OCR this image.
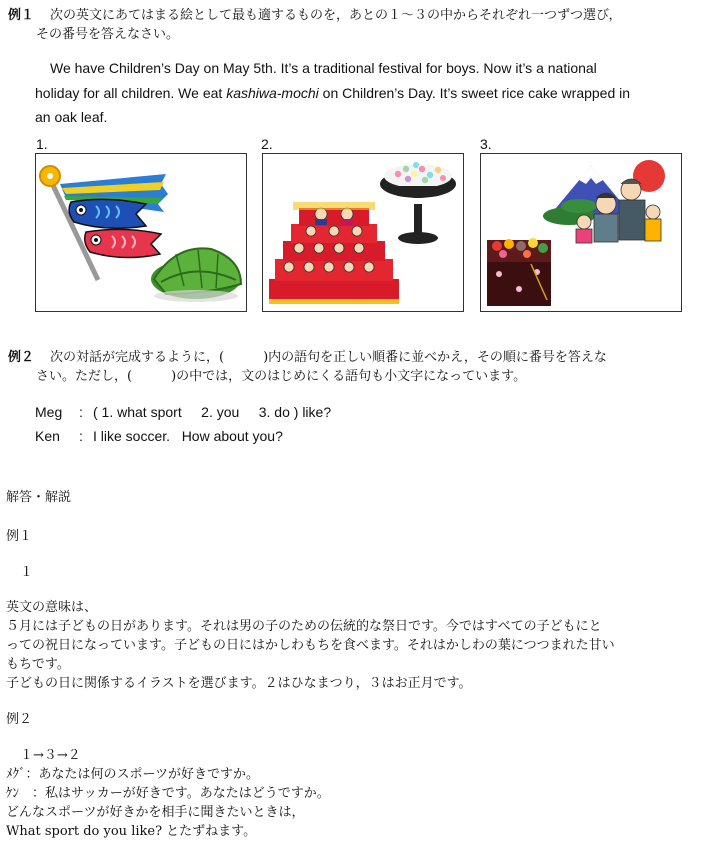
例１ 次の英文にあてはまる絵として最も適するものを，あとの１〜３の中からそれぞれ一つずつ選び，
その番号を答えなさい。
We have Children’s Day on May 5th. It’s a traditional festival for boys. Now it’s a national
holiday for all children. We eat kashiwa-mochi on Children’s Day. It’s sweet rice cake wrapped in
an oak leaf.
1.	2.	3.
例２ 次の対話が完成するように，(　　　)内の語句を正しい順番に並べかえ，その順に番号を答えな
さい。ただし，(　　　)の中では，文のはじめにくる語句も小文字になっています。
Meg	: ( 1. what sport     2. you     3. do ) like?
Ken	: I like soccer.   How about you?
解答・解説
例１
１
英文の意味は、
５月には子どもの日があります。それは男の子のための伝統的な祭日です。今ではすべての子どもにと
っての祝日になっています。子どもの日にはかしわもちを食べます。それはかしわの葉につつまれた甘い
もちです。
子どもの日に関係するイラストを選びます。２はひなまつり，３はお正月です。
例２
１→３→２
ﾒｸﾞ：あなたは何のスポーツが好きですか。
ｹﾝ　：私はサッカーが好きです。あなたはどうですか。
どんなスポーツが好きかを相手に聞きたいときは，
What sport do you like? とたずねます。
